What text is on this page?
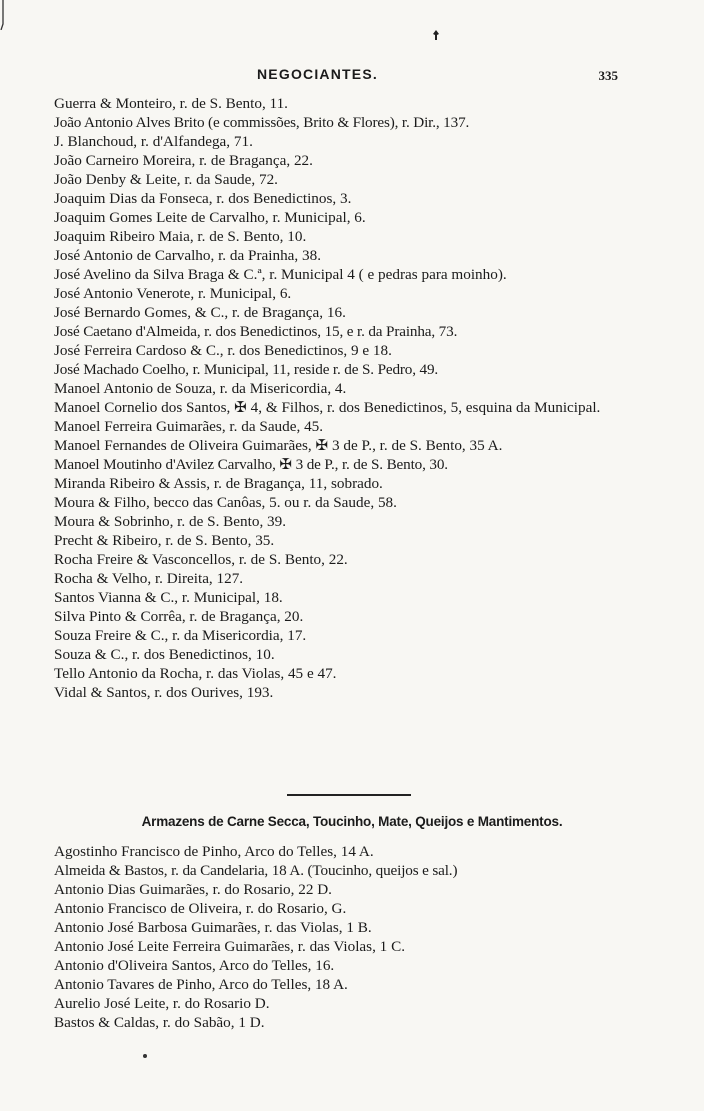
NEGOCIANTES.	335
Guerra & Monteiro, r. de S. Bento, 11.
João Antonio Alves Brito (e commissões, Brito & Flores), r. Dir., 137.
J. Blanchoud, r. d'Alfandega, 71.
João Carneiro Moreira, r. de Bragança, 22.
João Denby & Leite, r. da Saude, 72.
Joaquim Dias da Fonseca, r. dos Benedictinos, 3.
Joaquim Gomes Leite de Carvalho, r. Municipal, 6.
Joaquim Ribeiro Maia, r. de S. Bento, 10.
José Antonio de Carvalho, r. da Prainha, 38.
José Avelino da Silva Braga & C.ª, r. Municipal 4 ( e pedras para moinho).
José Antonio Venerote, r. Municipal, 6.
José Bernardo Gomes, & C., r. de Bragança, 16.
José Caetano d'Almeida, r. dos Benedictinos, 15, e r. da Prainha, 73.
José Ferreira Cardoso & C., r. dos Benedictinos, 9 e 18.
José Machado Coelho, r. Municipal, 11, reside r. de S. Pedro, 49.
Manoel Antonio de Souza, r. da Misericordia, 4.
Manoel Cornelio dos Santos, ✠ 4, & Filhos, r. dos Benedictinos, 5, esquina da Municipal.
Manoel Ferreira Guimarães, r. da Saude, 45.
Manoel Fernandes de Oliveira Guimarães, ✠ 3 de P., r. de S. Bento, 35 A.
Manoel Moutinho d'Avilez Carvalho, ✠ 3 de P., r. de S. Bento, 30.
Miranda Ribeiro & Assis, r. de Bragança, 11, sobrado.
Moura & Filho, becco das Canôas, 5. ou r. da Saude, 58.
Moura & Sobrinho, r. de S. Bento, 39.
Precht & Ribeiro, r. de S. Bento, 35.
Rocha Freire & Vasconcellos, r. de S. Bento, 22.
Rocha & Velho, r. Direita, 127.
Santos Vianna & C., r. Municipal, 18.
Silva Pinto & Corrêa, r. de Bragança, 20.
Souza Freire & C., r. da Misericordia, 17.
Souza & C., r. dos Benedictinos, 10.
Tello Antonio da Rocha, r. das Violas, 45 e 47.
Vidal & Santos, r. dos Ourives, 193.
Armazens de Carne Secca, Toucinho, Mate, Queijos e Mantimentos.
Agostinho Francisco de Pinho, Arco do Telles, 14 A.
Almeida & Bastos, r. da Candelaria, 18 A. (Toucinho, queijos e sal.)
Antonio Dias Guimarães, r. do Rosario, 22 D.
Antonio Francisco de Oliveira, r. do Rosario, G.
Antonio José Barbosa Guimarães, r. das Violas, 1 B.
Antonio José Leite Ferreira Guimarães, r. das Violas, 1 C.
Antonio d'Oliveira Santos, Arco do Telles, 16.
Antonio Tavares de Pinho, Arco do Telles, 18 A.
Aurelio José Leite, r. do Rosario D.
Bastos & Caldas, r. do Sabão, 1 D.
